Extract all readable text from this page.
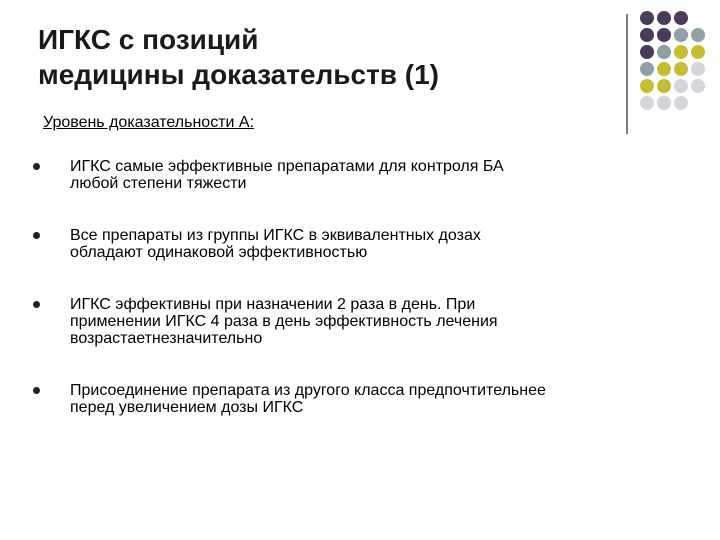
ИГКС с позиций
медицины доказательств (1)
Уровень доказательности А:
ИГКС самые эффективные препаратами для контроля БА
любой степени тяжести
Все препараты из группы ИГКС в эквивалентных дозах
обладают одинаковой эффективностью
ИГКС эффективны при назначении 2 раза в день. При
применении ИГКС 4 раза в день эффективность лечения
возрастаетнезначительно
Присоединение препарата из другого класса предпочтительнее
перед увеличением дозы ИГКС
